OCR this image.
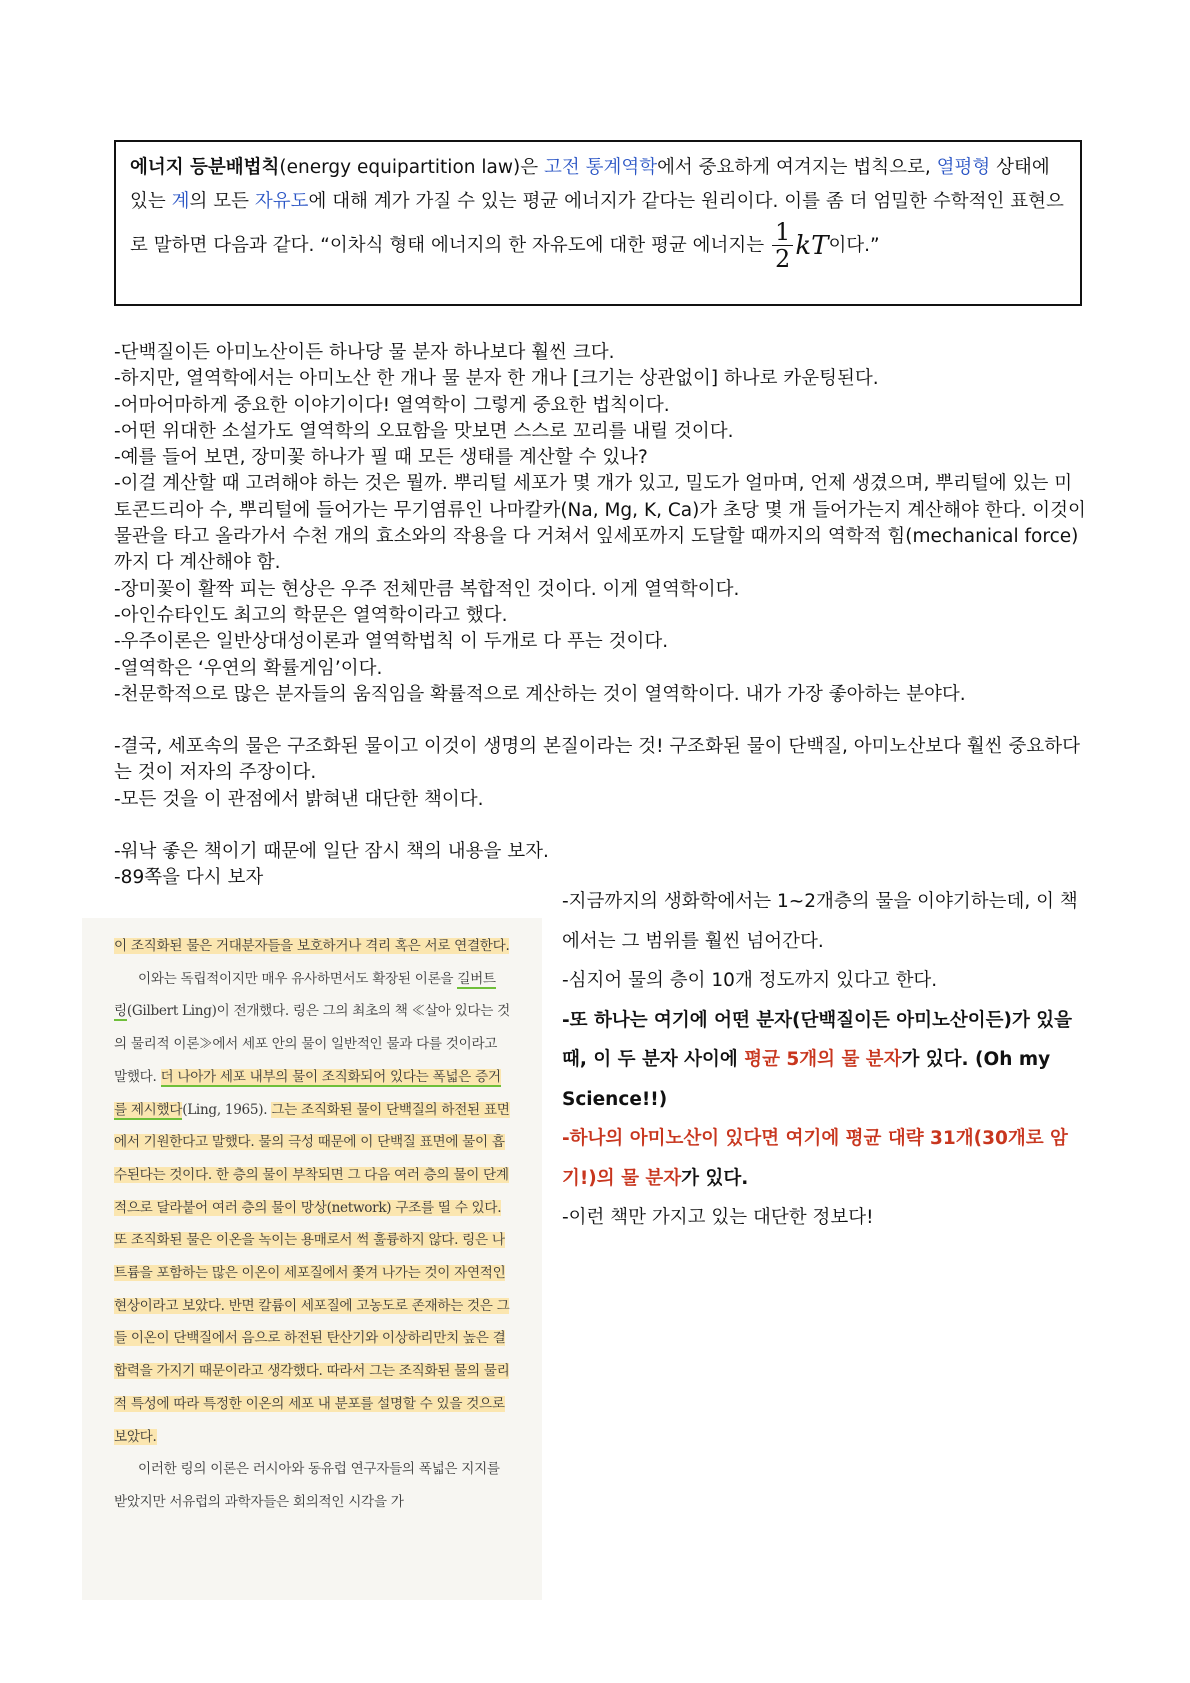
에너지 등분배법칙(energy equipartition law)은 고전 통계역학에서 중요하게 여겨지는 법칙으로, 열평형 상태에 있는 계의 모든 자유도에 대해 계가 가질 수 있는 평균 에너지가 같다는 원리이다. 이를 좀 더 엄밀한 수학적인 표현으로 말하면 다음과 같다. “이차식 형태 에너지의 한 자유도에 대한 평균 에너지는 $\frac{1}{2}$ kT이다.”

-단백질이든 아미노산이든 하나당 물 분자 하나보다 훨씬 크다.

-하지만, 열역학에서는 아미노산 한 개나 물 분자 한 개나 [크기는 상관없이] 하나로 카운팅된다.

-어마어마하게 중요한 이야기이다! 열역학이 그렇게 중요한 법칙이다.

-어떤 위대한 소설가도 열역학의 오묘함을 맛보면 스스로 꼬리를 내릴 것이다.

-예를 들어 보면, 장미꽃 하나가 필 때 모든 생태를 계산할 수 있나?

-이걸 계산할 때 고려해야 하는 것은 뭘까. 뿌리털 세포가 몇 개가 있고, 밀도가 얼마며, 언제 생겼으며, 뿌리털에 있는 미토콘드리아 수, 뿌리털에 들어가는 무기염류인 나마칼카(Na, Mg, K, Ca)가 초당 몇 개 들어가는지 계산해야 한다. 이것이 물관을 타고 올라가서 수천 개의 효소와의 작용을 다 거쳐서 잎세포까지 도달할 때까지의 역학적 힘(mechanical force)까지 다 계산해야 함.

-장미꽃이 활짝 피는 현상은 우주 전체만큼 복합적인 것이다. 이게 열역학이다.

-아인슈타인도 최고의 학문은 열역학이라고 했다.

-우주이론은 일반상대성이론과 열역학법칙 이 두개로 다 푸는 것이다.

-열역학은 ‘우연의 확률게임’이다.

-천문학적으로 많은 분자들의 움직임을 확률적으로 계산하는 것이 열역학이다. 내가 가장 좋아하는 분야다.

-결국, 세포속의 물은 구조화된 물이고 이것이 생명의 본질이라는 것! 구조화된 물이 단백질, 아미노산보다 훨씬 중요하다는 것이 저자의 주장이다.

-모든 것을 이 관점에서 밝혀낸 대단한 책이다.

-워낙 좋은 책이기 때문에 일단 잠시 책의 내용을 보자.

-89쪽을 다시 보자

이 조직화된 물은 거대분자들을 보호하거나 격리 혹은 서로 연결한다.

이와는 독립적이지만 매우 유사하면서도 확장된 이론을 길버트 링(Gilbert Ling)이 전개했다. 링은 그의 최초의 책 ≪살아 있다는 것의 물리적 이론≫에서 세포 안의 물이 일반적인 물과 다를 것이라고 말했다. 더 나아가 세포 내부의 물이 조직화되어 있다는 폭넓은 증거를 제시했다(Ling, 1965). 그는 조직화된 물이 단백질의 하전된 표면에서 기원한다고 말했다. 물의 극성 때문에 이 단백질 표면에 물이 흡수된다는 것이다. 한 층의 물이 부착되면 그 다음 여러 층의 물이 단계적으로 달라붙어 여러 층의 물이 망상(network) 구조를 띨 수 있다. 또 조직화된 물은 이온을 녹이는 용매로서 썩 훌륭하지 않다. 링은 나트륨을 포함하는 많은 이온이 세포질에서 쫓겨 나가는 것이 자연적인 현상이라고 보았다. 반면 칼륨이 세포질에 고농도로 존재하는 것은 그들 이온이 단백질에서 음으로 하전된 탄산기와 이상하리만치 높은 결합력을 가지기 때문이라고 생각했다. 따라서 그는 조직화된 물의 물리적 특성에 따라 특정한 이온의 세포 내 분포를 설명할 수 있을 것으로 보았다.

이러한 링의 이론은 러시아와 동유럽 연구자들의 폭넓은 지지를 받았지만 서유럽의 과학자들은 회의적인 시각을 가

-지금까지의 생화학에서는 1~2개층의 물을 이야기하는데, 이 책에서는 그 범위를 훨씬 넘어간다.

-심지어 물의 층이 10개 정도까지 있다고 한다.

-또 하나는 여기에 어떤 분자(단백질이든 아미노산이든)가 있을 때, 이 두 분자 사이에 평균 5개의 물 분자가 있다. (Oh my Science!!)

-하나의 아미노산이 있다면 여기에 평균 대략 31개(30개로 암기!)의 물 분자가 있다.

-이런 책만 가지고 있는 대단한 정보다!
